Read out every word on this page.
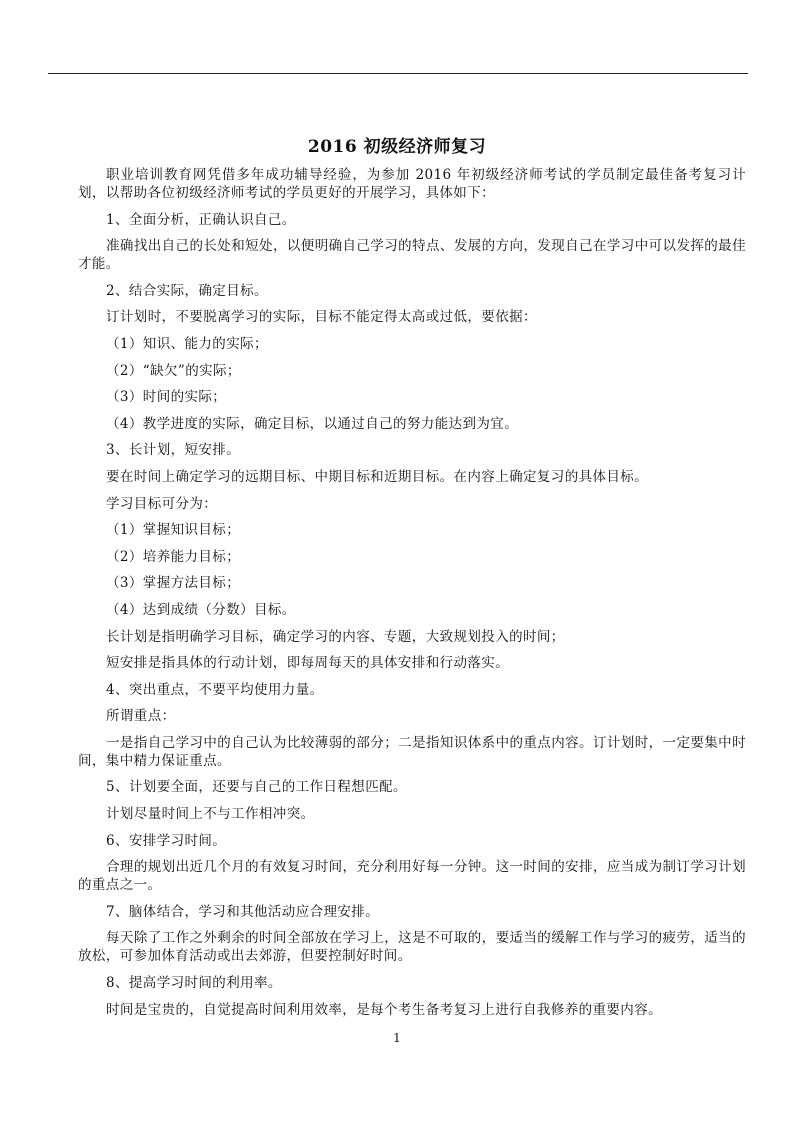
2016 初级经济师复习

职业培训教育网凭借多年成功辅导经验，为参加 2016 年初级经济师考试的学员制定最佳备考复习计划，以帮助各位初级经济师考试的学员更好的开展学习，具体如下：

1、全面分析，正确认识自己。

准确找出自己的长处和短处，以便明确自己学习的特点、发展的方向，发现自己在学习中可以发挥的最佳才能。

2、结合实际，确定目标。

订计划时，不要脱离学习的实际，目标不能定得太高或过低，要依据：

（1）知识、能力的实际；

（2）“缺欠”的实际；

（3）时间的实际；

（4）教学进度的实际，确定目标，以通过自己的努力能达到为宜。

3、长计划，短安排。

要在时间上确定学习的远期目标、中期目标和近期目标。在内容上确定复习的具体目标。

学习目标可分为：

（1）掌握知识目标；

（2）培养能力目标；

（3）掌握方法目标；

（4）达到成绩（分数）目标。

长计划是指明确学习目标，确定学习的内容、专题，大致规划投入的时间；

短安排是指具体的行动计划，即每周每天的具体安排和行动落实。

4、突出重点，不要平均使用力量。

所谓重点：

一是指自己学习中的自己认为比较薄弱的部分；二是指知识体系中的重点内容。订计划时，一定要集中时间，集中精力保证重点。

5、计划要全面，还要与自己的工作日程想匹配。

计划尽量时间上不与工作相冲突。

6、安排学习时间。

合理的规划出近几个月的有效复习时间，充分利用好每一分钟。这一时间的安排，应当成为制订学习计划的重点之一。

7、脑体结合，学习和其他活动应合理安排。

每天除了工作之外剩余的时间全部放在学习上，这是不可取的，要适当的缓解工作与学习的疲劳，适当的放松，可参加体育活动或出去郊游，但要控制好时间。

8、提高学习时间的利用率。

时间是宝贵的，自觉提高时间利用效率，是每个考生备考复习上进行自我修养的重要内容。

1
